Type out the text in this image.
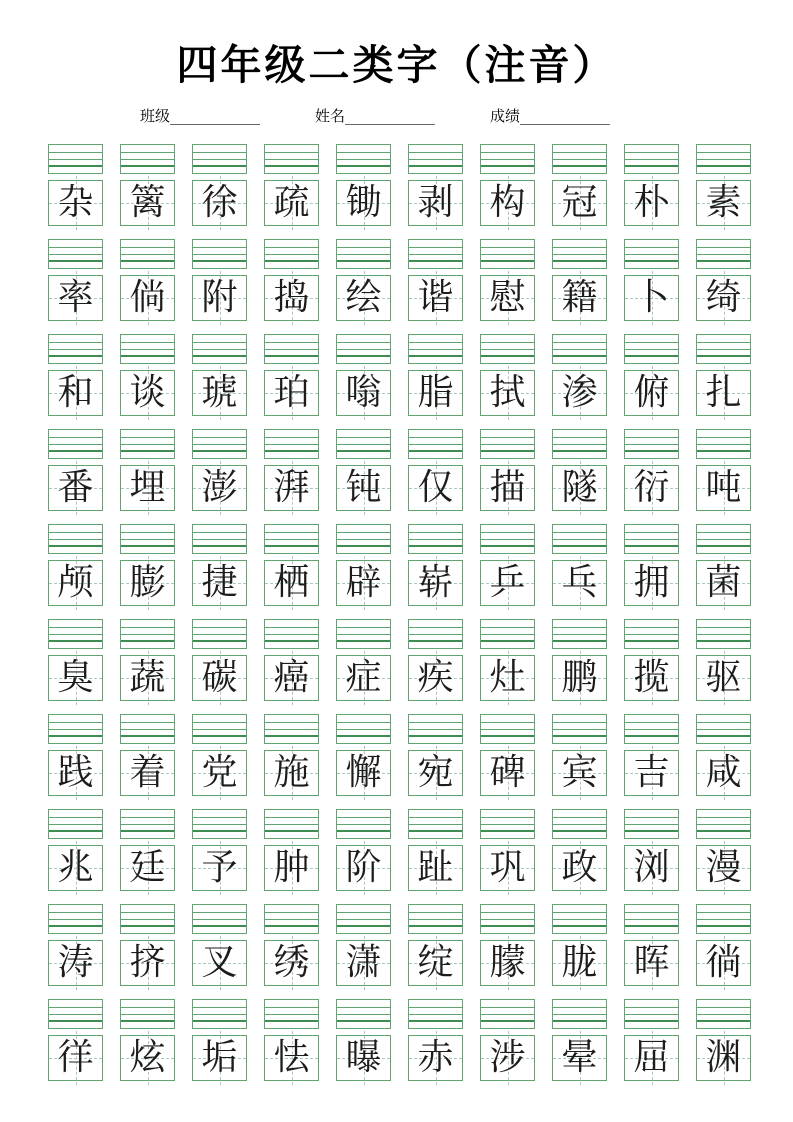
四年级二类字（注音）
班级____________	姓名____________	成绩____________
杂 篱 徐 疏 锄 剥 构 冠 朴 素
率 倘 附 捣 绘 谐 慰 籍 卜 绮
和 谈 琥 珀 嗡 脂 拭 渗 俯 扎
番 埋 澎 湃 钝 仅 描 隧 衍 吨
颅 膨 捷 栖 辟 崭 乒 乓 拥 菌
臭 蔬 碳 癌 症 疾 灶 鹏 揽 驱
践 着 党 施 懈 宛 碑 宾 吉 咸
兆 廷 予 肿 阶 趾 巩 政 浏 漫
涛 挤 叉 绣 潇 绽 朦 胧 晖 徜
徉 炫 垢 怯 曝 赤 涉 晕 屈 渊
